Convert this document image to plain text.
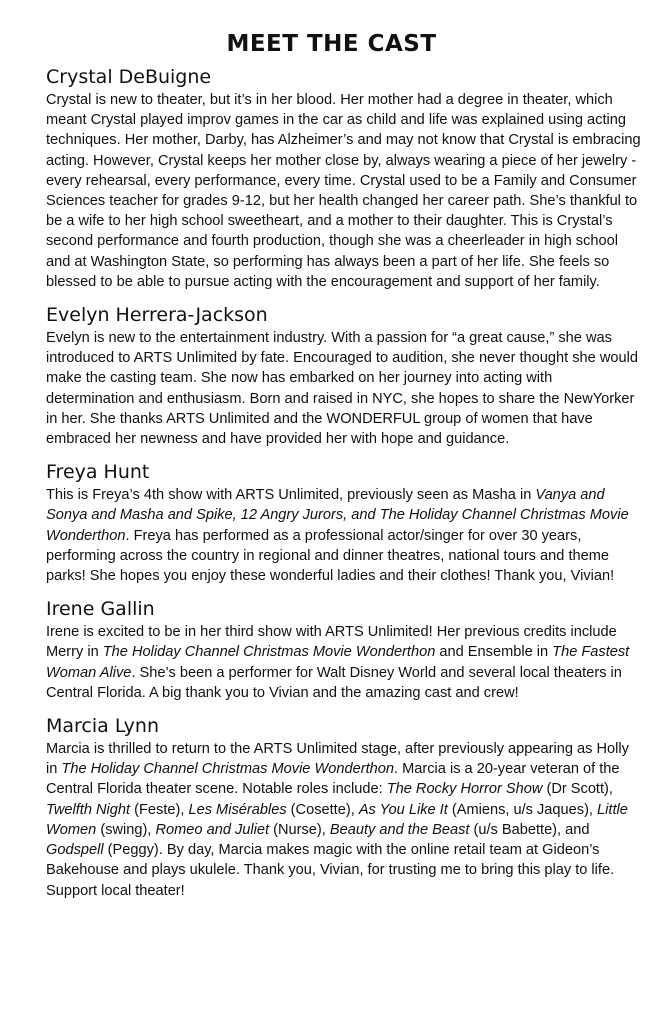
MEET THE CAST
Crystal DeBuigne

Crystal is new to theater, but it’s in her blood. Her mother had a degree in theater, which meant Crystal played improv games in the car as child and life was explained using acting techniques. Her mother, Darby, has Alzheimer’s and may not know that Crystal is embracing acting. However, Crystal keeps her mother close by, always wearing a piece of her jewelry - every rehearsal, every performance, every time. Crystal used to be a Family and Consumer Sciences teacher for grades 9-12, but her health changed her career path. She’s thankful to be a wife to her high school sweetheart, and a mother to their daughter. This is Crystal’s second performance and fourth production, though she was a cheerleader in high school and at Washington State, so performing has always been a part of her life. She feels so blessed to be able to pursue acting with the encouragement and support of her family.

Evelyn Herrera-Jackson

Evelyn is new to the entertainment industry. With a passion for “a great cause,” she was introduced to ARTS Unlimited by fate. Encouraged to audition, she never thought she would make the casting team. She now has embarked on her journey into acting with determination and enthusiasm. Born and raised in NYC, she hopes to share the NewYorker in her. She thanks ARTS Unlimited and the WONDERFUL group of women that have embraced her newness and have provided her with hope and guidance.

Freya Hunt

This is Freya’s 4th show with ARTS Unlimited, previously seen as Masha in Vanya and Sonya and Masha and Spike, 12 Angry Jurors, and The Holiday Channel Christmas Movie Wonderthon. Freya has performed as a professional actor/singer for over 30 years, performing across the country in regional and dinner theatres, national tours and theme parks! She hopes you enjoy these wonderful ladies and their clothes! Thank you, Vivian!

Irene Gallin

Irene is excited to be in her third show with ARTS Unlimited! Her previous credits include Merry in The Holiday Channel Christmas Movie Wonderthon and Ensemble in The Fastest Woman Alive. She’s been a performer for Walt Disney World and several local theaters in Central Florida. A big thank you to Vivian and the amazing cast and crew!

Marcia Lynn

Marcia is thrilled to return to the ARTS Unlimited stage, after previously appearing as Holly in The Holiday Channel Christmas Movie Wonderthon. Marcia is a 20-year veteran of the Central Florida theater scene. Notable roles include: The Rocky Horror Show (Dr Scott), Twelfth Night (Feste), Les Misérables (Cosette), As You Like It (Amiens, u/s Jaques), Little Women (swing), Romeo and Juliet (Nurse), Beauty and the Beast (u/s Babette), and Godspell (Peggy). By day, Marcia makes magic with the online retail team at Gideon’s Bakehouse and plays ukulele. Thank you, Vivian, for trusting me to bring this play to life. Support local theater!
